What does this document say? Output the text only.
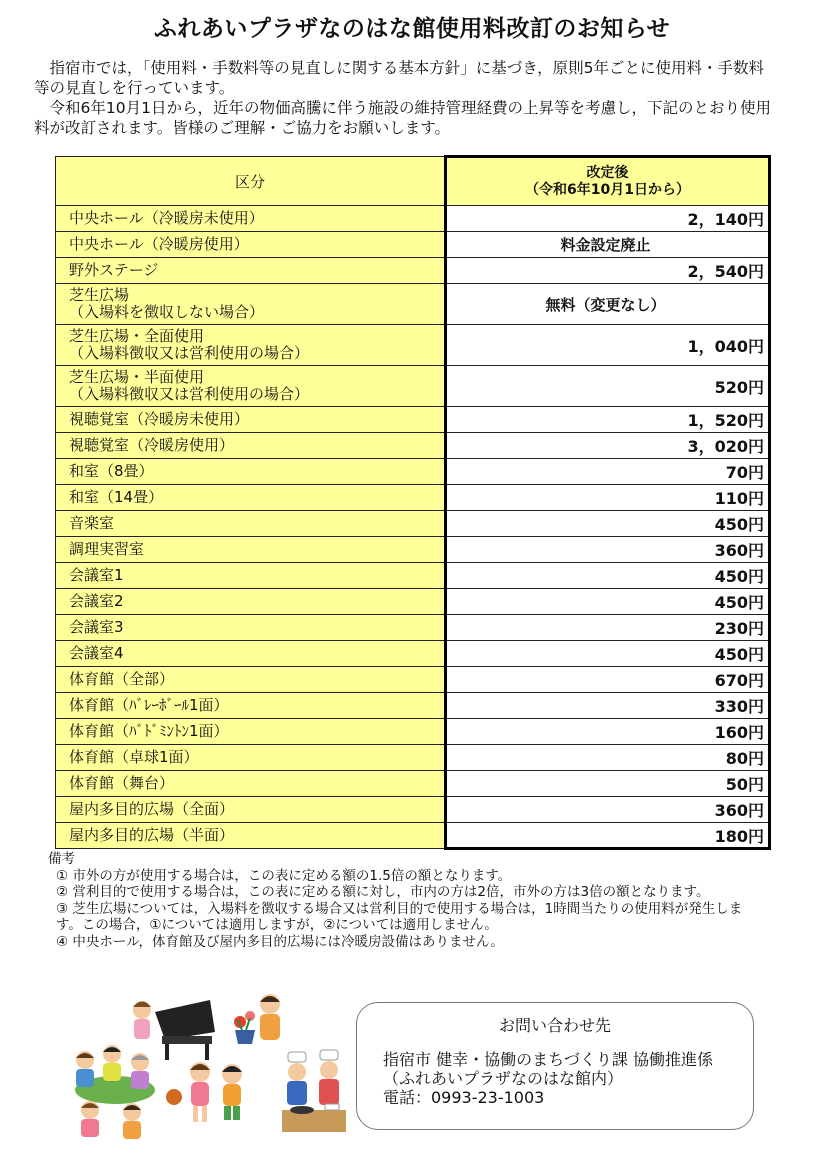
ふれあいプラザなのはな館使用料改訂のお知らせ

指宿市では，「使用料・手数料等の見直しに関する基本方針」に基づき，原則5年ごとに使用料・手数料等の見直しを行っています。

令和6年10月1日から，近年の物価高騰に伴う施設の維持管理経費の上昇等を考慮し，下記のとおり使用料が改訂されます。皆様のご理解・ご協力をお願いします。

区分	改定後
（令和6年10月1日から）

中央ホール（冷暖房未使用）	2，140円

中央ホール（冷暖房使用）	料金設定廃止

野外ステージ	2，540円

芝生広場
（入場料を徴収しない場合）	無料（変更なし）

芝生広場・全面使用
（入場料徴収又は営利使用の場合）	1，040円

芝生広場・半面使用
（入場料徴収又は営利使用の場合）	520円

視聴覚室（冷暖房未使用）	1，520円

視聴覚室（冷暖房使用）	3，020円

和室（8畳）	70円

和室（14畳）	110円

音楽室	450円

調理実習室	360円

会議室1	450円

会議室2	450円

会議室3	230円

会議室4	450円

体育館（全部）	670円

体育館（ﾊﾞﾚｰﾎﾞｰﾙ1面）	330円

体育館（ﾊﾞﾄﾞﾐﾝﾄﾝ1面）	160円

体育館（卓球1面）	80円

体育館（舞台）	50円

屋内多目的広場（全面）	360円

屋内多目的広場（半面）	180円
備考
① 市外の方が使用する場合は，この表に定める額の1.5倍の額となります。
② 営利目的で使用する場合は，この表に定める額に対し，市内の方は2倍，市外の方は3倍の額となります。
③ 芝生広場については，入場料を徴収する場合又は営利目的で使用する場合は，1時間当たりの使用料が発生します。この場合，①については適用しますが，②については適用しません。
④ 中央ホール，体育館及び屋内多目的広場には冷暖房設備はありません。
お問い合わせ先
指宿市 健幸・協働のまちづくり課 協働推進係
（ふれあいプラザなのはな館内）
電話：0993-23-1003
